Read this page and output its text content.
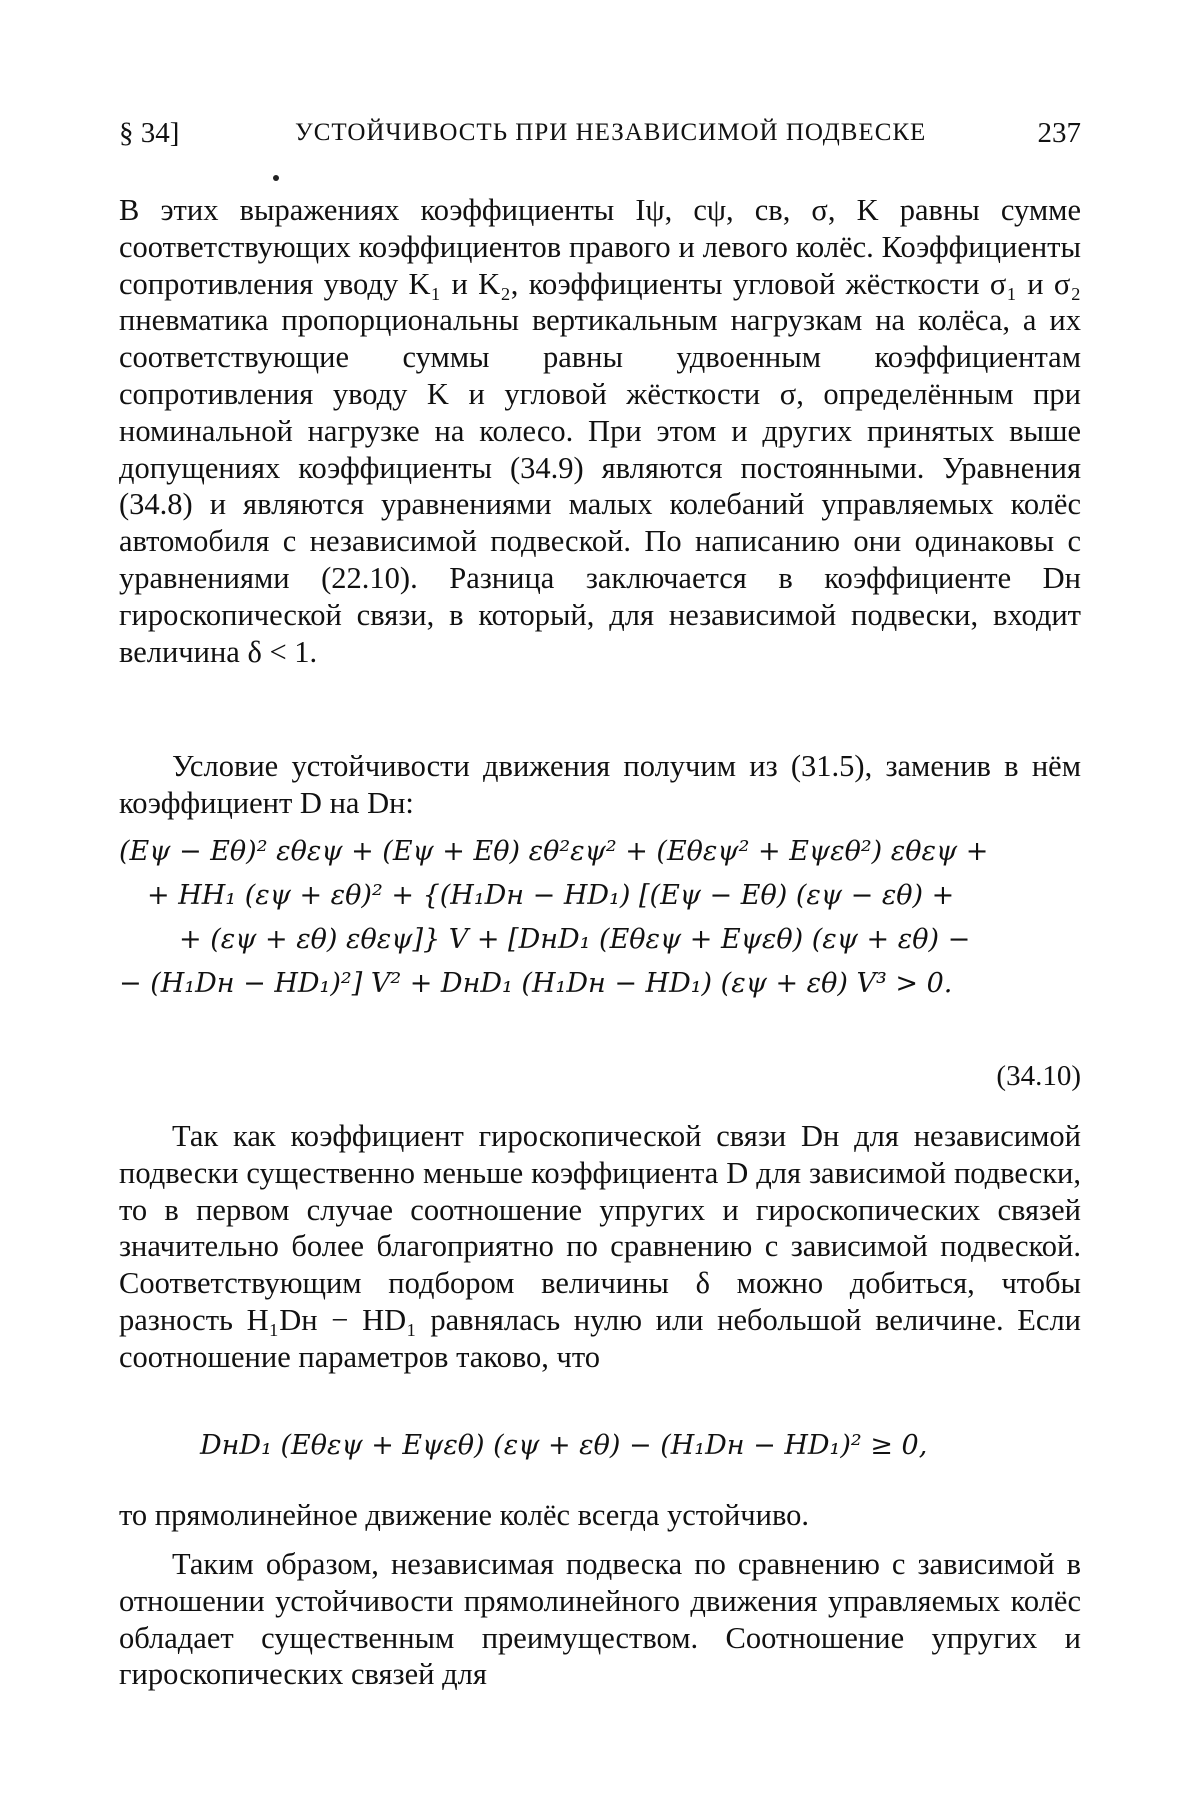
§ 34]	УСТОЙЧИВОСТЬ ПРИ НЕЗАВИСИМОЙ ПОДВЕСКЕ	237
В этих выражениях коэффициенты Iψ, cψ, cв, σ, K равны сумме соответствующих коэффициентов правого и левого колёс. Коэффициенты сопротивления уводу K₁ и K₂, коэффициенты угловой жёсткости σ₁ и σ₂ пневматика пропорциональны вертикальным нагрузкам на колёса, а их соответствующие суммы равны удвоенным коэффициентам сопротивления уводу K и угловой жёсткости σ, определённым при номинальной нагрузке на колесо. При этом и других принятых выше допущениях коэффициенты (34.9) являются постоянными. Уравнения (34.8) и являются уравнениями малых колебаний управляемых колёс автомобиля с независимой подвеской. По написанию они одинаковы с уравнениями (22.10). Разница заключается в коэффициенте Dн гироскопической связи, в который, для независимой подвески, входит величина δ < 1.
Условие устойчивости движения получим из (31.5), заменив в нём коэффициент D на Dн:
(Eψ − Eθ)² εθεψ + (Eψ + Eθ) εθ²εψ² + (Eθεψ² + Eψεθ²) εθεψ +
+ HH₁ (εψ + εθ)² + {(H₁Dн − HD₁) [(Eψ − Eθ) (εψ − εθ) +
+ (εψ + εθ) εθεψ]} V + [DнD₁ (Eθεψ + Eψεθ) (εψ + εθ) −
− (H₁Dн − HD₁)²] V² + DнD₁ (H₁Dн − HD₁) (εψ + εθ) V³ > 0.
(34.10)
Так как коэффициент гироскопической связи Dн для независимой подвески существенно меньше коэффициента D для зависимой подвески, то в первом случае соотношение упругих и гироскопических связей значительно более благоприятно по сравнению с зависимой подвеской. Соответствующим подбором величины δ можно добиться, чтобы разность H₁Dн − HD₁ равнялась нулю или небольшой величине. Если соотношение параметров таково, что
DнD₁ (Eθεψ + Eψεθ) (εψ + εθ) − (H₁Dн − HD₁)² ≥ 0,
то прямолинейное движение колёс всегда устойчиво.
Таким образом, независимая подвеска по сравнению с зависимой в отношении устойчивости прямолинейного движения управляемых колёс обладает существенным преимуществом. Соотношение упругих и гироскопических связей для
